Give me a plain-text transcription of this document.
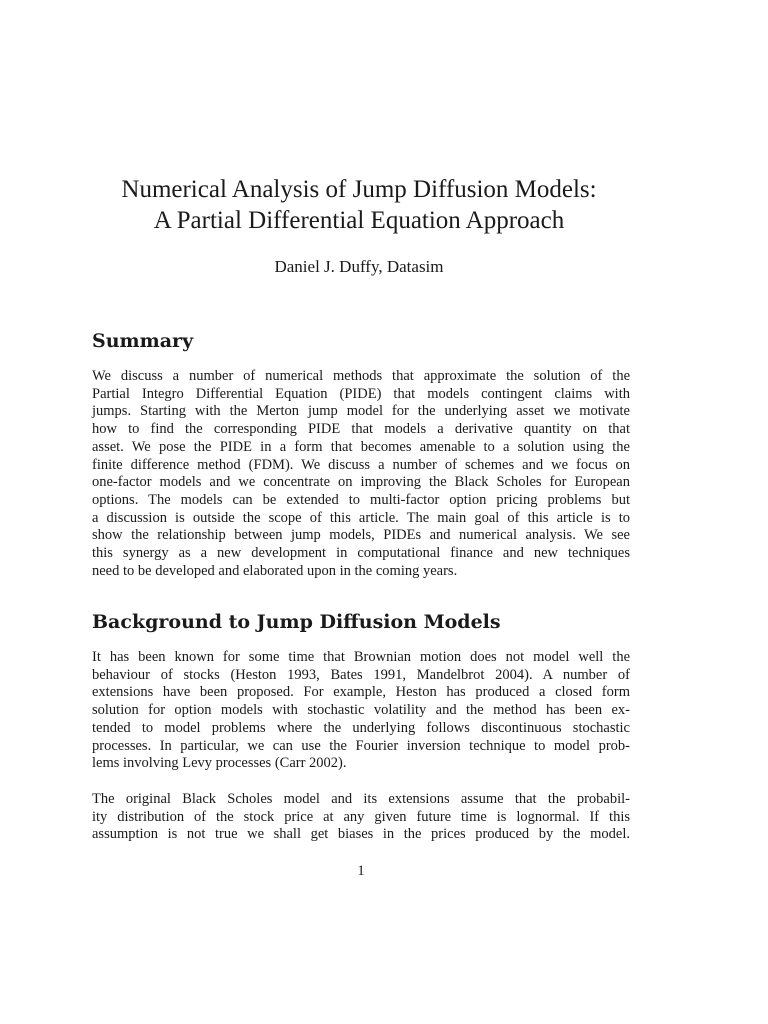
Numerical Analysis of Jump Diffusion Models:
A Partial Differential Equation Approach
Daniel J. Duffy, Datasim
Summary
We discuss a number of numerical methods that approximate the solution of the
Partial Integro Differential Equation (PIDE) that models contingent claims with
jumps. Starting with the Merton jump model for the underlying asset we motivate
how to find the corresponding PIDE that models a derivative quantity on that
asset. We pose the PIDE in a form that becomes amenable to a solution using the
finite difference method (FDM). We discuss a number of schemes and we focus on
one-factor models and we concentrate on improving the Black Scholes for European
options. The models can be extended to multi-factor option pricing problems but
a discussion is outside the scope of this article. The main goal of this article is to
show the relationship between jump models, PIDEs and numerical analysis. We see
this synergy as a new development in computational finance and new techniques
need to be developed and elaborated upon in the coming years.
Background to Jump Diffusion Models
It has been known for some time that Brownian motion does not model well the
behaviour of stocks (Heston 1993, Bates 1991, Mandelbrot 2004). A number of
extensions have been proposed. For example, Heston has produced a closed form
solution for option models with stochastic volatility and the method has been ex-
tended to model problems where the underlying follows discontinuous stochastic
processes. In particular, we can use the Fourier inversion technique to model prob-
lems involving Levy processes (Carr 2002).
The original Black Scholes model and its extensions assume that the probabil-
ity distribution of the stock price at any given future time is lognormal. If this
assumption is not true we shall get biases in the prices produced by the model.
1
